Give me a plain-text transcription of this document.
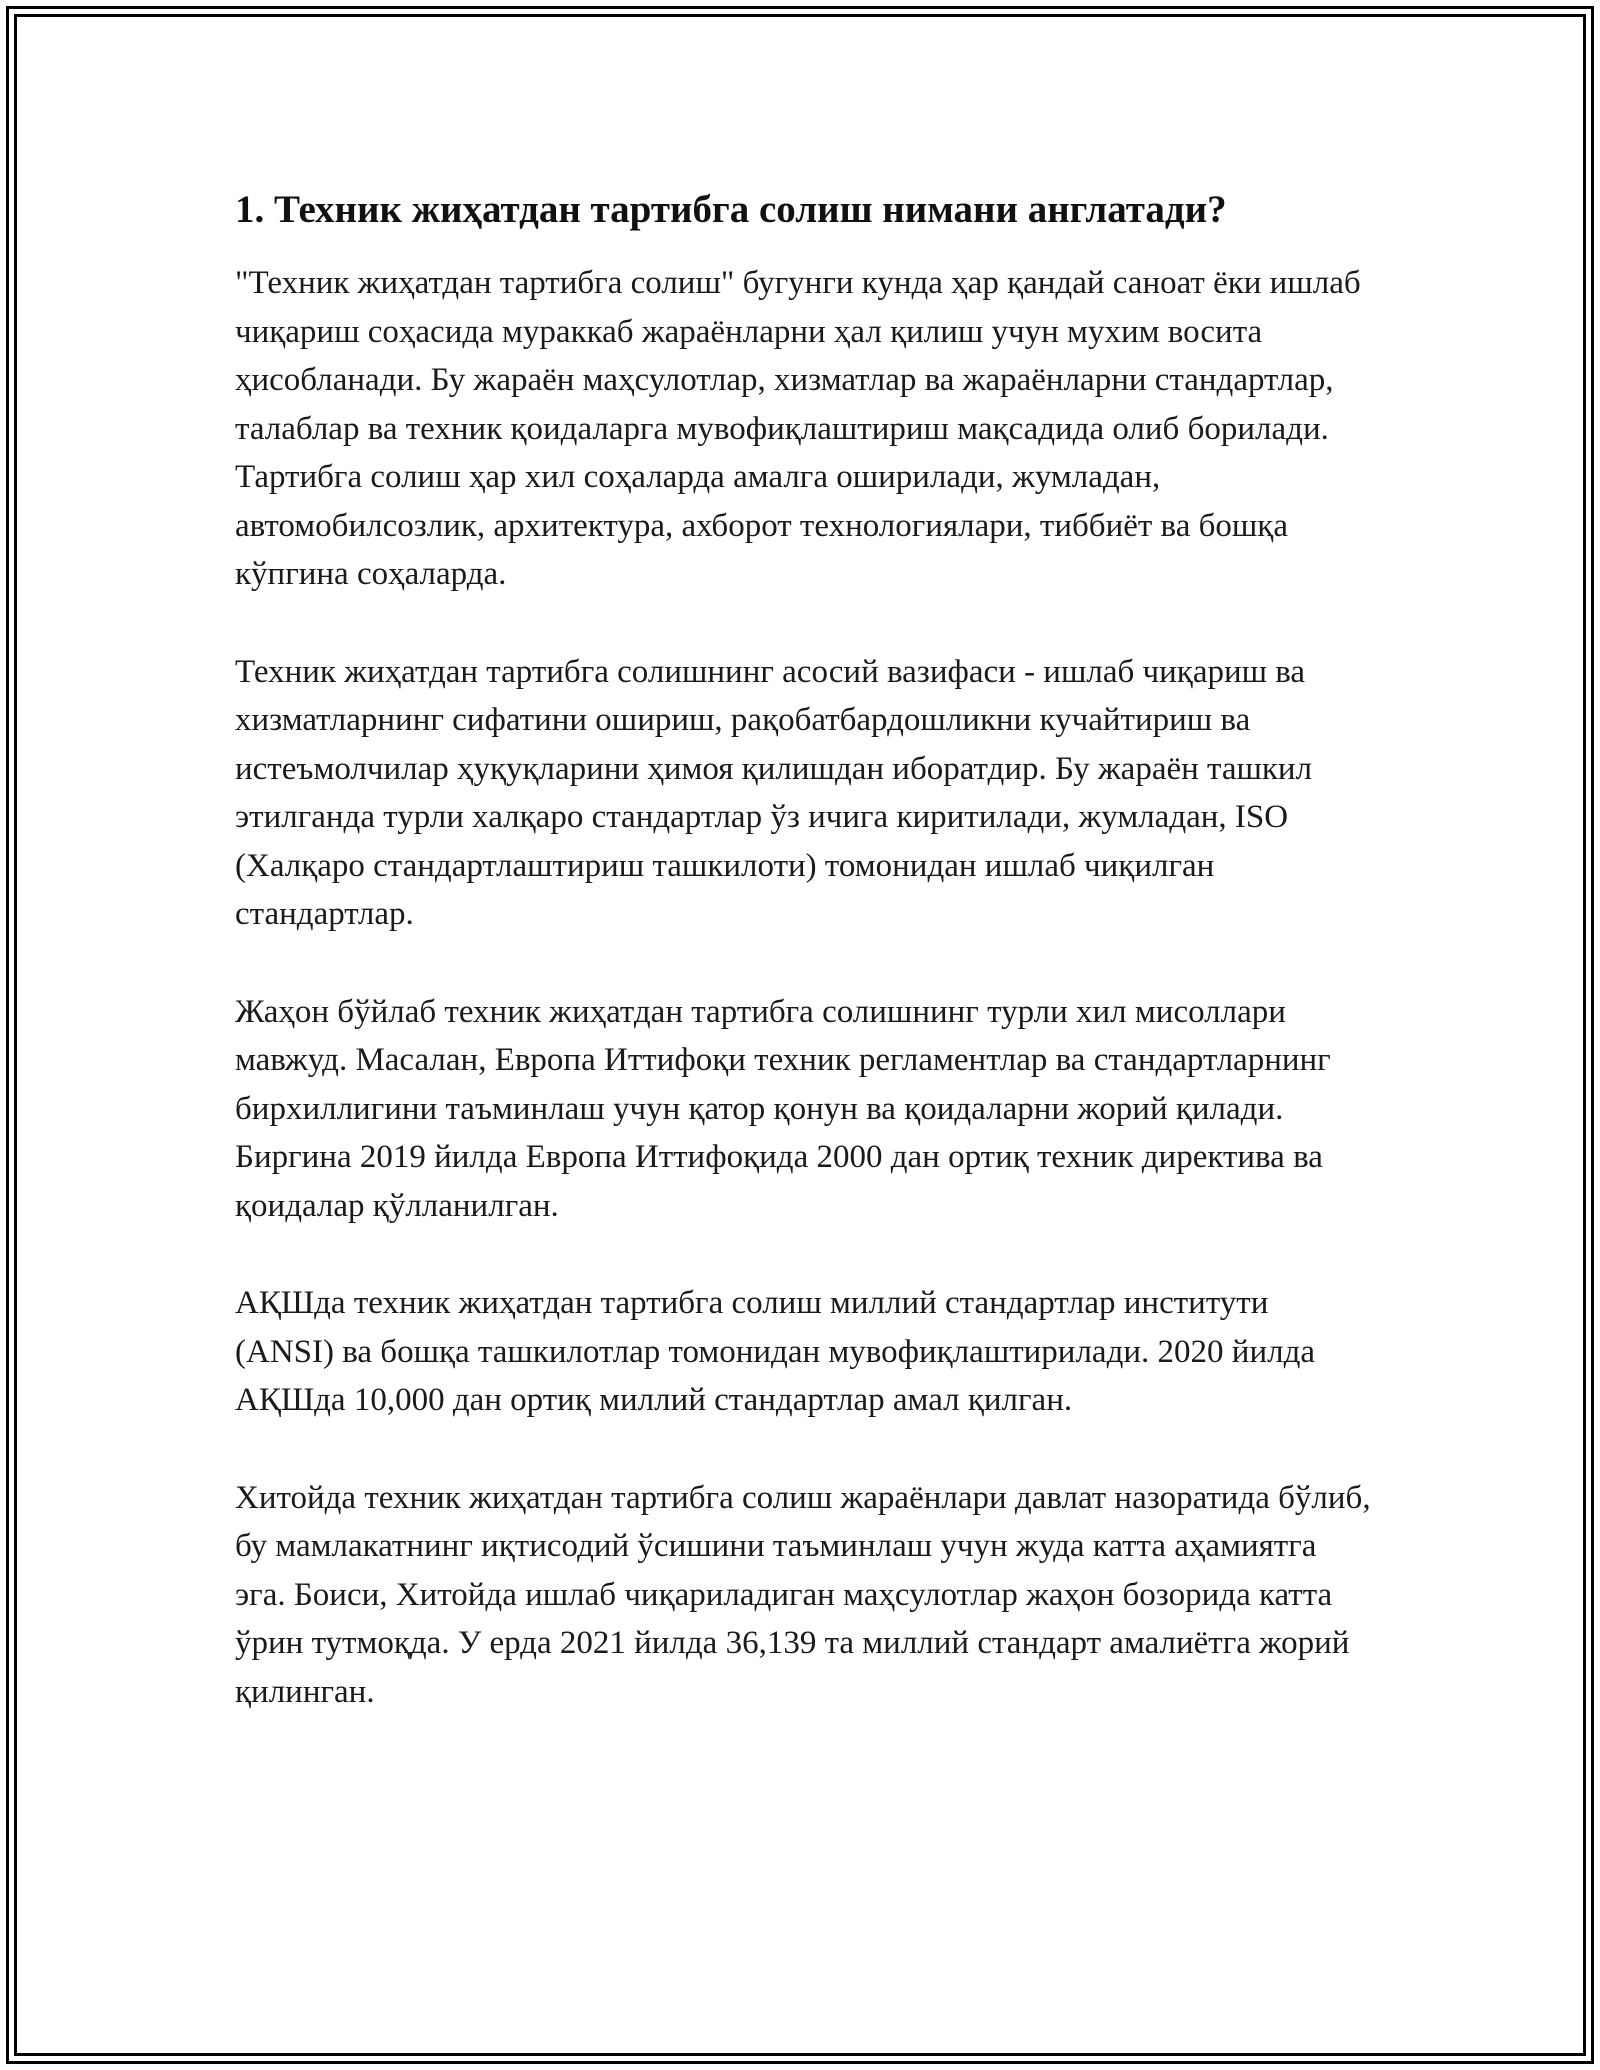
1. Техник жиҳатдан тартибга солиш нимани англатади?

"Техник жиҳатдан тартибга солиш" бугунги кунда ҳар қандай саноат ёки ишлаб чиқариш соҳасида мураккаб жараёнларни ҳал қилиш учун мухим восита ҳисобланади. Бу жараён маҳсулотлар, хизматлар ва жараёнларни стандартлар, талаблар ва техник қоидаларга мувофиқлаштириш мақсадида олиб борилади. Тартибга солиш ҳар хил соҳаларда амалга оширилади, жумладан, автомобилсозлик, архитектура, ахборот технологиялари, тиббиёт ва бошқа кўпгина соҳаларда.

Техник жиҳатдан тартибга солишнинг асосий вазифаси - ишлаб чиқариш ва хизматларнинг сифатини ошириш, рақобатбардошликни кучайтириш ва истеъмолчилар ҳуқуқларини ҳимоя қилишдан иборатдир. Бу жараён ташкил этилганда турли халқаро стандартлар ўз ичига киритилади, жумладан, ISO (Халқаро стандартлаштириш ташкилоти) томонидан ишлаб чиқилган стандартлар.

Жаҳон бўйлаб техник жиҳатдан тартибга солишнинг турли хил мисоллари мавжуд. Масалан, Европа Иттифоқи техник регламентлар ва стандартларнинг бирхиллигини таъминлаш учун қатор қонун ва қоидаларни жорий қилади. Биргина 2019 йилда Европа Иттифоқида 2000 дан ортиқ техник директива ва қоидалар қўлланилган.

АҚШда техник жиҳатдан тартибга солиш миллий стандартлар институти (ANSI) ва бошқа ташкилотлар томонидан мувофиқлаштирилади. 2020 йилда АҚШда 10,000 дан ортиқ миллий стандартлар амал қилган.

Хитойда техник жиҳатдан тартибга солиш жараёнлари давлат назоратида бўлиб, бу мамлакатнинг иқтисодий ўсишини таъминлаш учун жуда катта аҳамиятга эга. Боиси, Хитойда ишлаб чиқариладиган маҳсулотлар жаҳон бозорида катта ўрин тутмоқда. У ерда 2021 йилда 36,139 та миллий стандарт амалиётга жорий қилинган.
